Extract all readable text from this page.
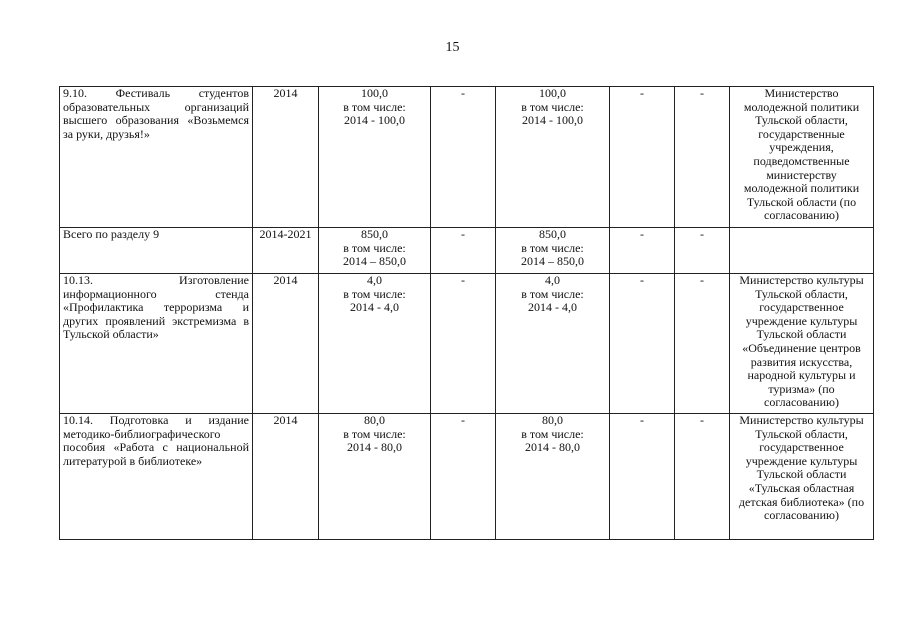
15
9.10. Фестиваль студентов образовательных организаций высшего образования «Возьмемся за руки, друзья!»	2014	100,0
в том числе:
2014 - 100,0	-	100,0
в том числе:
2014 - 100,0	-	-	Министерство молодежной политики Тульской области, государственные учреждения, подведомственные министерству молодежной политики Тульской области (по согласованию)
Всего по разделу 9	2014-2021	850,0
в том числе:
2014 – 850,0	-	850,0
в том числе:
2014 – 850,0	-	-	
10.13. Изготовление информационного стенда «Профилактика терроризма и других проявлений экстремизма в Тульской области»	2014	4,0
в том числе:
2014 - 4,0	-	4,0
в том числе:
2014 - 4,0	-	-	Министерство культуры Тульской области, государственное учреждение культуры Тульской области «Объединение центров развития искусства, народной культуры и туризма» (по согласованию)
10.14. Подготовка и издание методико-библиографического пособия «Работа с национальной литературой в библиотеке»	2014	80,0
в том числе:
2014 - 80,0	-	80,0
в том числе:
2014 - 80,0	-	-	Министерство культуры Тульской области, государственное учреждение культуры Тульской области «Тульская областная детская библиотека» (по согласованию)
